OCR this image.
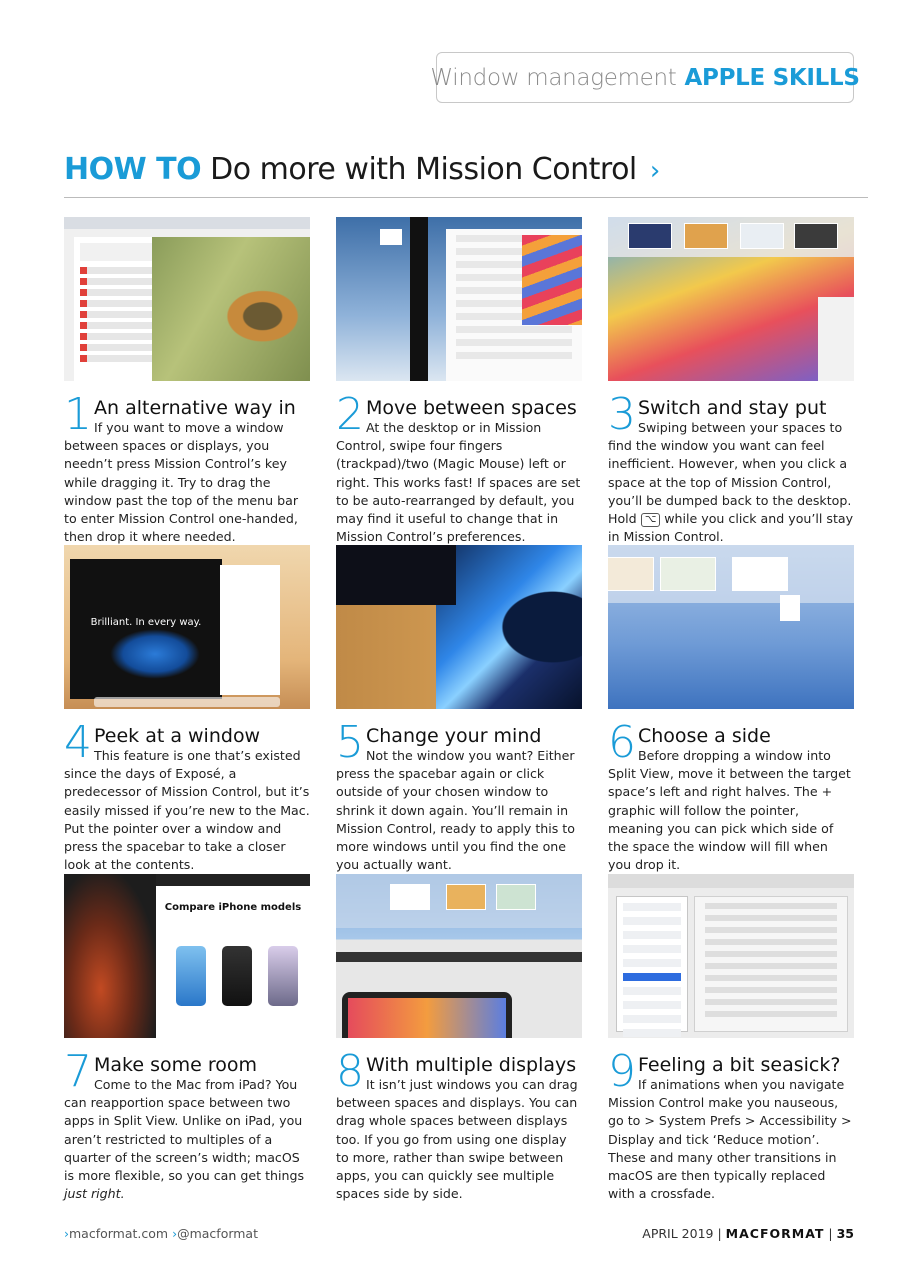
Window management APPLE SKILLS
HOW TO Do more with Mission Control ›
1 An alternative way in

If you want to move a window between spaces or displays, you needn’t press Mission Control’s key while dragging it. Try to drag the window past the top of the menu bar to enter Mission Control one-handed, then drop it where needed.

2 Move between spaces

At the desktop or in Mission Control, swipe four fingers (trackpad)/two (Magic Mouse) left or right. This works fast! If spaces are set to be auto-rearranged by default, you may find it useful to change that in Mission Control’s preferences.

3 Switch and stay put

Swiping between your spaces to find the window you want can feel inefficient. However, when you click a space at the top of Mission Control, you’ll be dumped back to the desktop. Hold ⌥ while you click and you’ll stay in Mission Control.

Brilliant. In every way.
4 Peek at a window

This feature is one that’s existed since the days of Exposé, a predecessor of Mission Control, but it’s easily missed if you’re new to the Mac. Put the pointer over a window and press the spacebar to take a closer look at the contents.

5 Change your mind

Not the window you want? Either press the spacebar again or click outside of your chosen window to shrink it down again. You’ll remain in Mission Control, ready to apply this to more windows until you find the one you actually want.

6 Choose a side

Before dropping a window into Split View, move it between the target space’s left and right halves. The + graphic will follow the pointer, meaning you can pick which side of the space the window will fill when you drop it.

Compare iPhone models
7 Make some room

Come to the Mac from iPad? You can reapportion space between two apps in Split View. Unlike on iPad, you aren’t restricted to multiples of a quarter of the screen’s width; macOS is more flexible, so you can get things just right.

8 With multiple displays

It isn’t just windows you can drag between spaces and displays. You can drag whole spaces between displays too. If you go from using one display to more, rather than swipe between apps, you can quickly see multiple spaces side by side.

9 Feeling a bit seasick?

If animations when you navigate Mission Control make you nauseous, go to > System Prefs > Accessibility > Display and tick ‘Reduce motion’. These and many other transitions in macOS are then typically replaced with a crossfade.

›macformat.com ›@macformat	APRIL 2019 | MACFORMAT | 35
